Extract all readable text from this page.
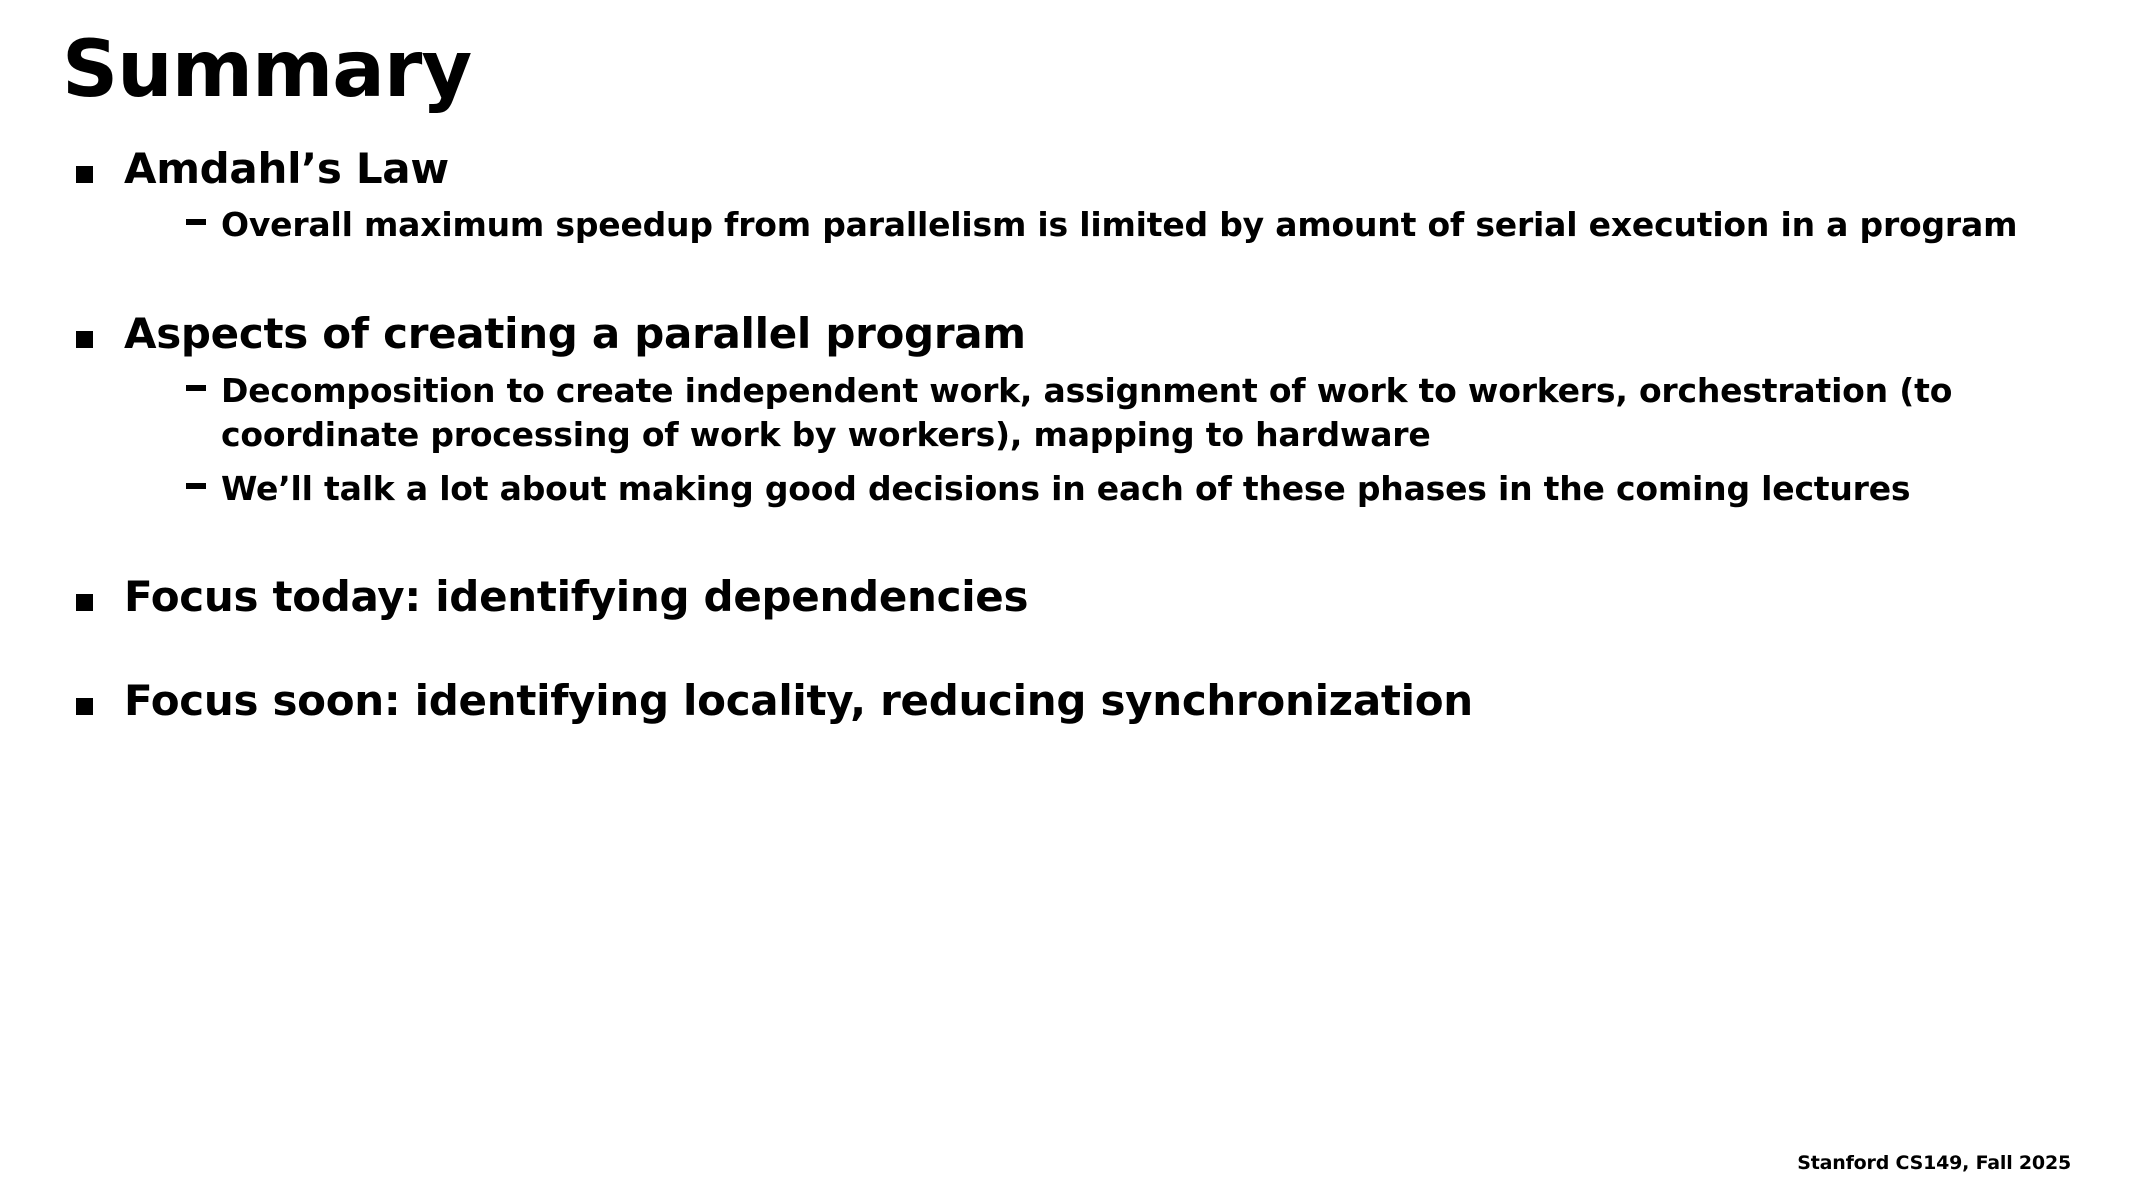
Summary
Amdahl’s Law
Overall maximum speedup from parallelism is limited by amount of serial execution in a program
Aspects of creating a parallel program
Decomposition to create independent work, assignment of work to workers, orchestration (to coordinate processing of work by workers), mapping to hardware
We’ll talk a lot about making good decisions in each of these phases in the coming lectures
Focus today: identifying dependencies
Focus soon: identifying locality, reducing synchronization
Stanford CS149, Fall 2025
